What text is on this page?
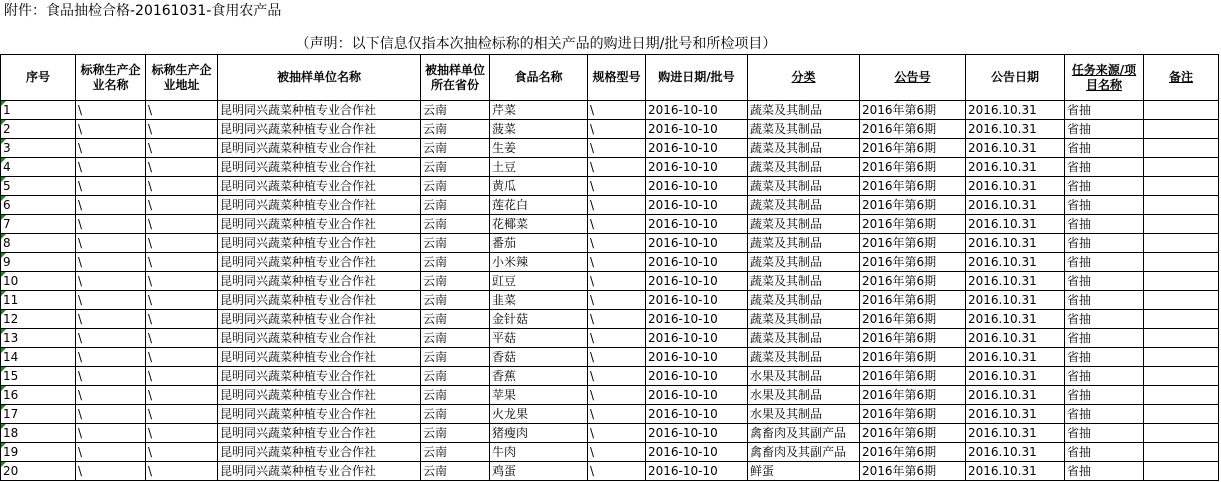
附件：食品抽检合格-20161031-食用农产品
（声明：以下信息仅指本次抽检标称的相关产品的购进日期/批号和所检项目）
序号	标称生产企业名称	标称生产企业地址	被抽样单位名称	被抽样单位所在省份	食品名称	规格型号	购进日期/批号	分类	公告号	公告日期	任务来源/项目名称	备注
1	\	\	昆明同兴蔬菜种植专业合作社	云南	芹菜	\	2016-10-10	蔬菜及其制品	2016年第6期	2016.10.31	省抽	
2	\	\	昆明同兴蔬菜种植专业合作社	云南	菠菜	\	2016-10-10	蔬菜及其制品	2016年第6期	2016.10.31	省抽	
3	\	\	昆明同兴蔬菜种植专业合作社	云南	生姜	\	2016-10-10	蔬菜及其制品	2016年第6期	2016.10.31	省抽	
4	\	\	昆明同兴蔬菜种植专业合作社	云南	土豆	\	2016-10-10	蔬菜及其制品	2016年第6期	2016.10.31	省抽	
5	\	\	昆明同兴蔬菜种植专业合作社	云南	黄瓜	\	2016-10-10	蔬菜及其制品	2016年第6期	2016.10.31	省抽	
6	\	\	昆明同兴蔬菜种植专业合作社	云南	莲花白	\	2016-10-10	蔬菜及其制品	2016年第6期	2016.10.31	省抽	
7	\	\	昆明同兴蔬菜种植专业合作社	云南	花椰菜	\	2016-10-10	蔬菜及其制品	2016年第6期	2016.10.31	省抽	
8	\	\	昆明同兴蔬菜种植专业合作社	云南	番茄	\	2016-10-10	蔬菜及其制品	2016年第6期	2016.10.31	省抽	
9	\	\	昆明同兴蔬菜种植专业合作社	云南	小米辣	\	2016-10-10	蔬菜及其制品	2016年第6期	2016.10.31	省抽	
10	\	\	昆明同兴蔬菜种植专业合作社	云南	豇豆	\	2016-10-10	蔬菜及其制品	2016年第6期	2016.10.31	省抽	
11	\	\	昆明同兴蔬菜种植专业合作社	云南	韭菜	\	2016-10-10	蔬菜及其制品	2016年第6期	2016.10.31	省抽	
12	\	\	昆明同兴蔬菜种植专业合作社	云南	金针菇	\	2016-10-10	蔬菜及其制品	2016年第6期	2016.10.31	省抽	
13	\	\	昆明同兴蔬菜种植专业合作社	云南	平菇	\	2016-10-10	蔬菜及其制品	2016年第6期	2016.10.31	省抽	
14	\	\	昆明同兴蔬菜种植专业合作社	云南	香菇	\	2016-10-10	蔬菜及其制品	2016年第6期	2016.10.31	省抽	
15	\	\	昆明同兴蔬菜种植专业合作社	云南	香蕉	\	2016-10-10	水果及其制品	2016年第6期	2016.10.31	省抽	
16	\	\	昆明同兴蔬菜种植专业合作社	云南	苹果	\	2016-10-10	水果及其制品	2016年第6期	2016.10.31	省抽	
17	\	\	昆明同兴蔬菜种植专业合作社	云南	火龙果	\	2016-10-10	水果及其制品	2016年第6期	2016.10.31	省抽	
18	\	\	昆明同兴蔬菜种植专业合作社	云南	猪瘦肉	\	2016-10-10	禽畜肉及其副产品	2016年第6期	2016.10.31	省抽	
19	\	\	昆明同兴蔬菜种植专业合作社	云南	牛肉	\	2016-10-10	禽畜肉及其副产品	2016年第6期	2016.10.31	省抽	
20	\	\	昆明同兴蔬菜种植专业合作社	云南	鸡蛋	\	2016-10-10	鲜蛋	2016年第6期	2016.10.31	省抽	
